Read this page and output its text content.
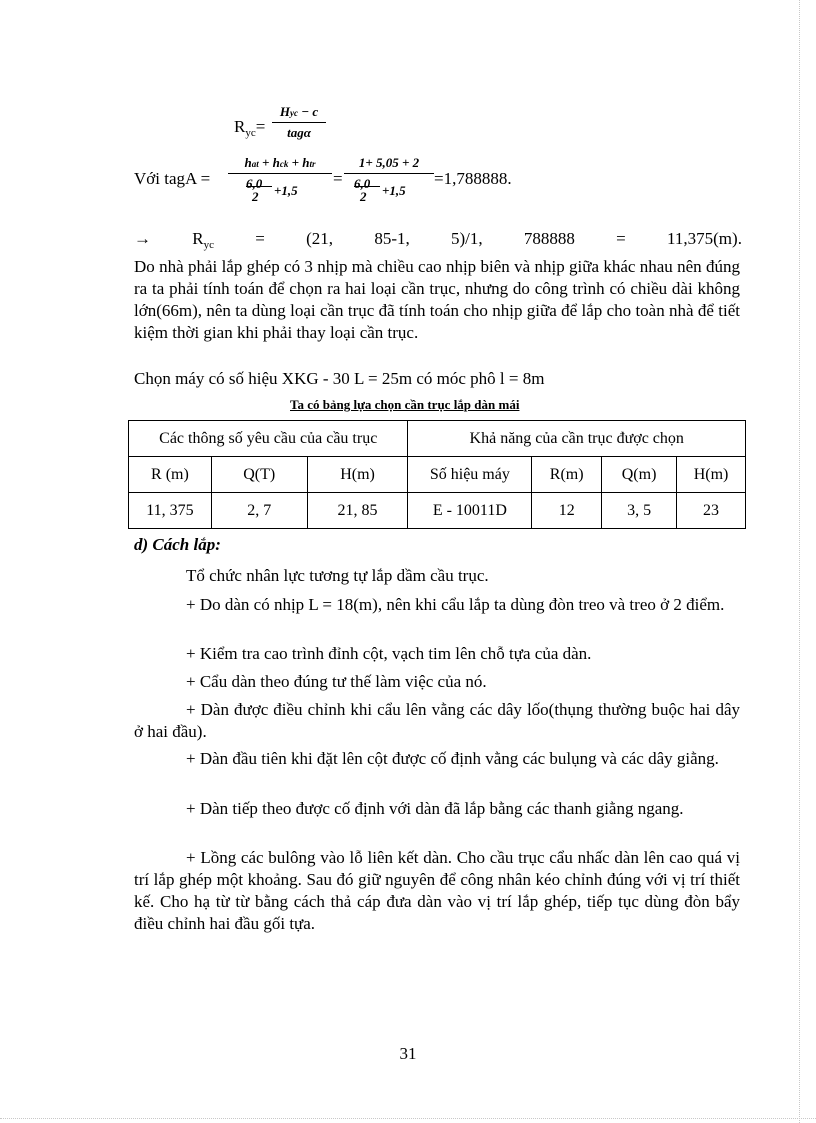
$R_{yc}=$
Hyc − c
tagα
Với tagA =
hat + hck + htr
6,0
2 +1,5
=
1+ 5,05 + 2
6,0
2 +1,5
=1,788888.
→ $R_{yc} = (21$, 85-1, 5)/1, 788888 = 11,375(m).
Do nhà phải lắp ghép có 3 nhịp mà chiều cao nhịp biên và nhịp giữa khác nhau nên đúng ra ta phải tính toán để chọn ra hai loại cần trục, nhưng do công trình có chiều dài không lớn(66m), nên ta dùng loại cần trục đã tính toán cho nhịp giữa để lắp cho toàn nhà để tiết kiệm thời gian khi phải thay loại cần trục.
Chọn máy có số hiệu XKG - 30 L = 25m có móc phô l = 8m
Ta có bảng lựa chọn cần trục lắp dàn mái
Các thông số yêu cầu của cầu trục			Khả năng của cần trục được chọn			
R (m)	Q(T)	H(m)	Số hiệu máy	R(m)	Q(m)	H(m)
11, 375	2, 7	21, 85	E - 10011D	12	3, 5	23
d) Cách lắp:
Tổ chức nhân lực tương tự lắp dầm cầu trục.
+ Do dàn có nhịp L = 18(m), nên khi cẩu lắp ta dùng đòn treo và treo ở 2 điểm.
+ Kiểm tra cao trình đỉnh cột, vạch tim lên chỗ tựa của dàn.
+ Cẩu dàn theo đúng tư thế làm việc của nó.
+ Dàn được điều chỉnh khi cẩu lên vằng các dây lốo(thụng thường buộc hai dây ở hai đầu).
+ Dàn đầu tiên khi đặt lên cột được cố định vằng các bulụng và các dây giằng.
+ Dàn tiếp theo được cố định với dàn đã lắp bằng các thanh giằng ngang.
+ Lồng các bulông vào lỗ liên kết dàn. Cho cầu trục cẩu nhấc dàn lên cao quá vị trí lắp ghép một khoảng. Sau đó giữ nguyên để công nhân kéo chỉnh đúng với vị trí thiết kế. Cho hạ từ từ bằng cách thả cáp đưa dàn vào vị trí lắp ghép, tiếp tục dùng đòn bẩy điều chỉnh hai đầu gối tựa.
31
